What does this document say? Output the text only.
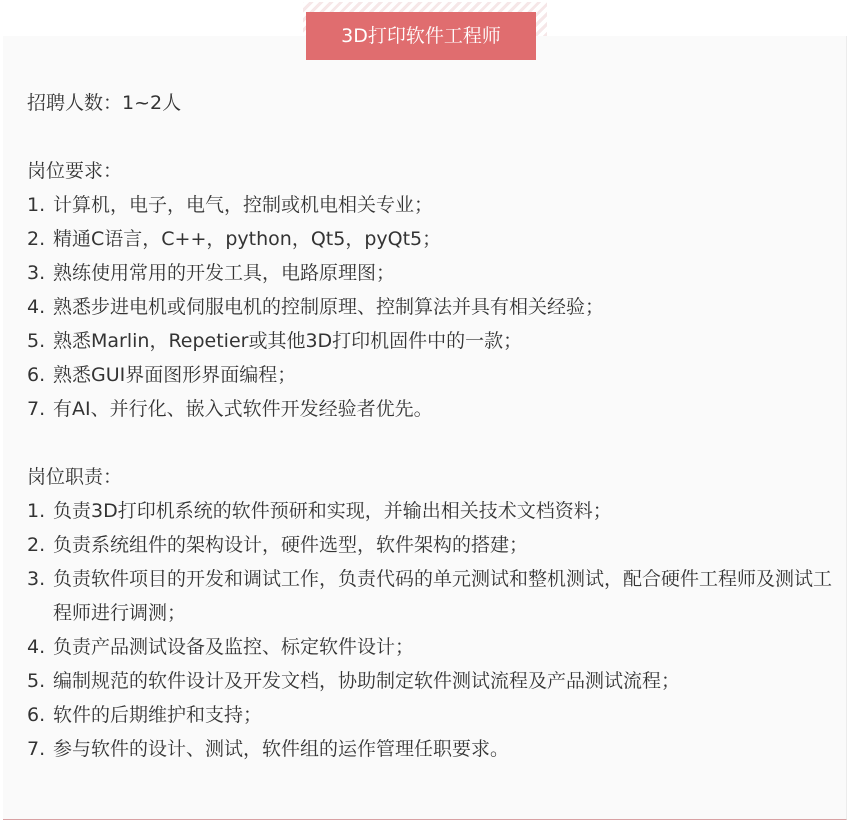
3D打印软件工程师

招聘人数：1~2人

岗位要求：

1. 计算机，电子，电气，控制或机电相关专业；
2. 精通C语言，C++，python，Qt5，pyQt5；
3. 熟练使用常用的开发工具，电路原理图；
4. 熟悉步进电机或伺服电机的控制原理、控制算法并具有相关经验；
5. 熟悉Marlin，Repetier或其他3D打印机固件中的一款；
6. 熟悉GUI界面图形界面编程；
7. 有AI、并行化、嵌入式软件开发经验者优先。

岗位职责：

1. 负责3D打印机系统的软件预研和实现，并输出相关技术文档资料；
2. 负责系统组件的架构设计，硬件选型，软件架构的搭建；
3. 负责软件项目的开发和调试工作，负责代码的单元测试和整机测试，配合硬件工程师及测试工程师进行调测；
4. 负责产品测试设备及监控、标定软件设计；
5. 编制规范的软件设计及开发文档，协助制定软件测试流程及产品测试流程；
6. 软件的后期维护和支持；
7. 参与软件的设计、测试，软件组的运作管理任职要求。
